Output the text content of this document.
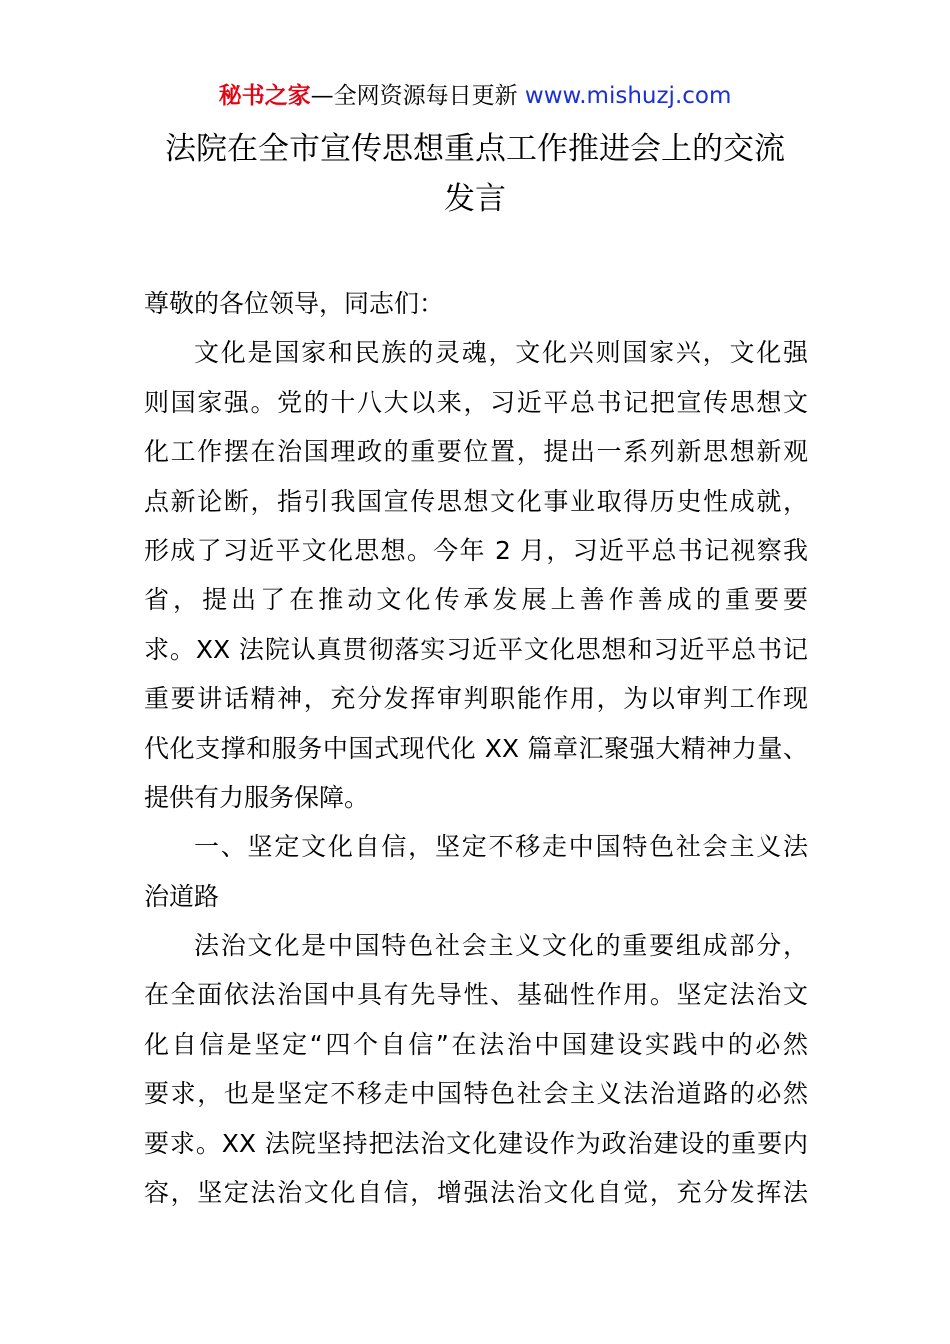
秘书之家—全网资源每日更新 www.mishuzj.com
法院在全市宣传思想重点工作推进会上的交流
发言
尊敬的各位领导，同志们：
文化是国家和民族的灵魂，文化兴则国家兴，文化强
则国家强。党的十八大以来，习近平总书记把宣传思想文
化工作摆在治国理政的重要位置，提出一系列新思想新观
点新论断，指引我国宣传思想文化事业取得历史性成就，
形成了习近平文化思想。今年 2 月，习近平总书记视察我
省，提出了在推动文化传承发展上善作善成的重要要
求。XX 法院认真贯彻落实习近平文化思想和习近平总书记
重要讲话精神，充分发挥审判职能作用，为以审判工作现
代化支撑和服务中国式现代化 XX 篇章汇聚强大精神力量、
提供有力服务保障。
一、坚定文化自信，坚定不移走中国特色社会主义法
治道路
法治文化是中国特色社会主义文化的重要组成部分，
在全面依法治国中具有先导性、基础性作用。坚定法治文
化自信是坚定“四个自信”在法治中国建设实践中的必然
要求，也是坚定不移走中国特色社会主义法治道路的必然
要求。XX 法院坚持把法治文化建设作为政治建设的重要内
容，坚定法治文化自信，增强法治文化自觉，充分发挥法
